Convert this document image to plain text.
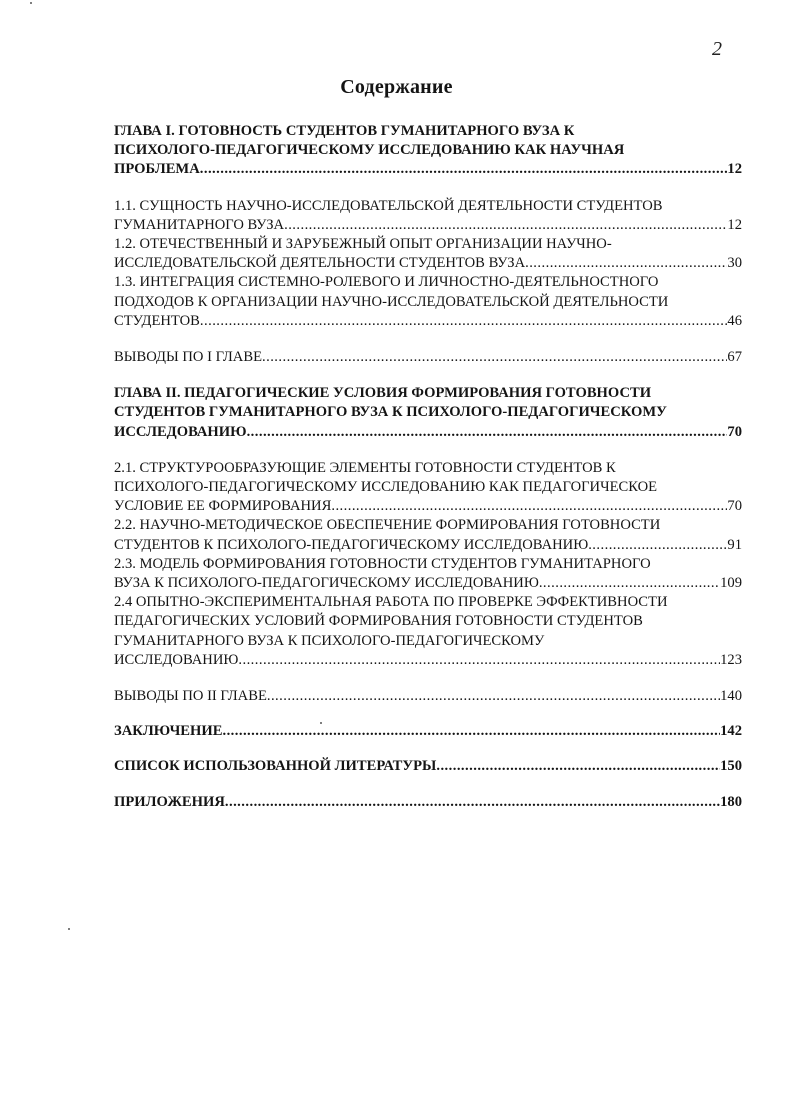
2
Содержание
ГЛАВА I. ГОТОВНОСТЬ СТУДЕНТОВ ГУМАНИТАРНОГО ВУЗА К
ПСИХОЛОГО-ПЕДАГОГИЧЕСКОМУ ИССЛЕДОВАНИЮ КАК НАУЧНАЯ
ПРОБЛЕМА . . .	12
1.1. СУЩНОСТЬ НАУЧНО-ИССЛЕДОВАТЕЛЬСКОЙ ДЕЯТЕЛЬНОСТИ СТУДЕНТОВ
ГУМАНИТАРНОГО ВУЗА . . .	12
1.2. ОТЕЧЕСТВЕННЫЙ И ЗАРУБЕЖНЫЙ ОПЫТ ОРГАНИЗАЦИИ НАУЧНО-
ИССЛЕДОВАТЕЛЬСКОЙ ДЕЯТЕЛЬНОСТИ СТУДЕНТОВ ВУЗА . . .	30
1.3. ИНТЕГРАЦИЯ СИСТЕМНО-РОЛЕВОГО И ЛИЧНОСТНО-ДЕЯТЕЛЬНОСТНОГО
ПОДХОДОВ К ОРГАНИЗАЦИИ НАУЧНО-ИССЛЕДОВАТЕЛЬСКОЙ ДЕЯТЕЛЬНОСТИ
СТУДЕНТОВ . . .	46
ВЫВОДЫ ПО I ГЛАВЕ . . .	67
ГЛАВА II. ПЕДАГОГИЧЕСКИЕ УСЛОВИЯ ФОРМИРОВАНИЯ ГОТОВНОСТИ
СТУДЕНТОВ ГУМАНИТАРНОГО ВУЗА К ПСИХОЛОГО-ПЕДАГОГИЧЕСКОМУ
ИССЛЕДОВАНИЮ . . .	70
2.1. СТРУКТУРООБРАЗУЮЩИЕ ЭЛЕМЕНТЫ ГОТОВНОСТИ СТУДЕНТОВ К
ПСИХОЛОГО-ПЕДАГОГИЧЕСКОМУ ИССЛЕДОВАНИЮ КАК ПЕДАГОГИЧЕСКОЕ
УСЛОВИЕ ЕЕ ФОРМИРОВАНИЯ . . .	70
2.2. НАУЧНО-МЕТОДИЧЕСКОЕ ОБЕСПЕЧЕНИЕ ФОРМИРОВАНИЯ ГОТОВНОСТИ
СТУДЕНТОВ К ПСИХОЛОГО-ПЕДАГОГИЧЕСКОМУ ИССЛЕДОВАНИЮ . . .	91
2.3. МОДЕЛЬ ФОРМИРОВАНИЯ ГОТОВНОСТИ СТУДЕНТОВ ГУМАНИТАРНОГО
ВУЗА К ПСИХОЛОГО-ПЕДАГОГИЧЕСКОМУ ИССЛЕДОВАНИЮ . . .	109
2.4 ОПЫТНО-ЭКСПЕРИМЕНТАЛЬНАЯ РАБОТА ПО ПРОВЕРКЕ ЭФФЕКТИВНОСТИ
ПЕДАГОГИЧЕСКИХ УСЛОВИЙ ФОРМИРОВАНИЯ ГОТОВНОСТИ СТУДЕНТОВ
ГУМАНИТАРНОГО ВУЗА К ПСИХОЛОГО-ПЕДАГОГИЧЕСКОМУ
ИССЛЕДОВАНИЮ . . .	123
ВЫВОДЫ ПО II ГЛАВЕ . . .	140
ЗАКЛЮЧЕНИЕ . . .	142
СПИСОК ИСПОЛЬЗОВАННОЙ ЛИТЕРАТУРЫ . . .	150
ПРИЛОЖЕНИЯ . . .	180
